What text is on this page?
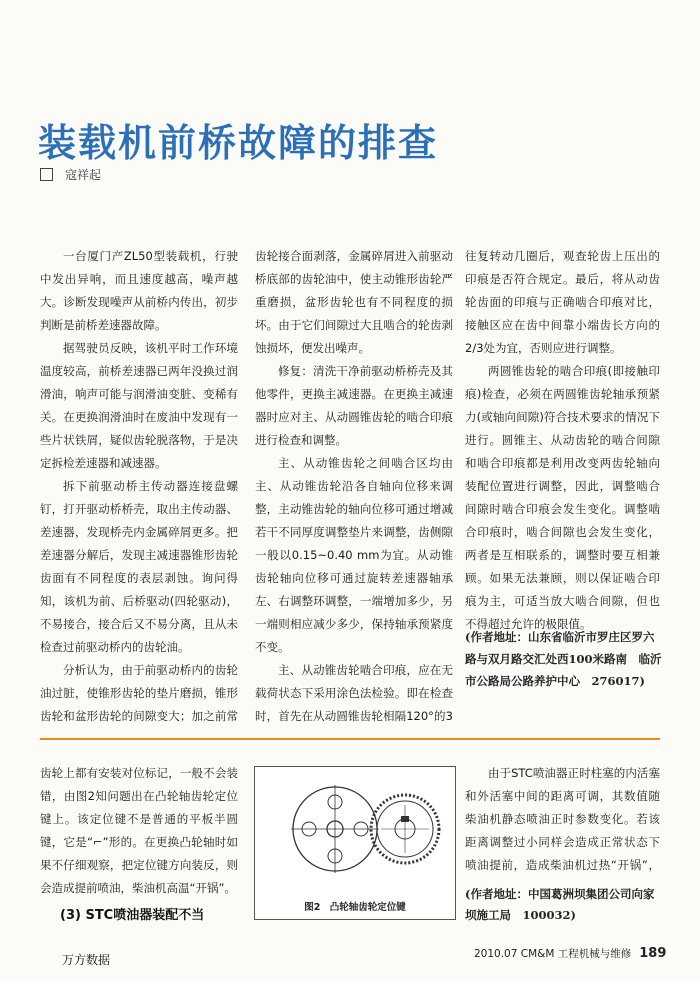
装载机前桥故障的排查
寇祥起

一台厦门产ZL50型装载机，行驶中发出异响，而且速度越高，噪声越大。诊断发现噪声从前桥内传出，初步判断是前桥差速器故障。

据驾驶员反映，该机平时工作环境温度较高，前桥差速器已两年没换过润滑油，响声可能与润滑油变脏、变稀有关。在更换润滑油时在废油中发现有一些片状铁屑，疑似齿轮脱落物，于是决定拆检差速器和减速器。

拆下前驱动桥主传动器连接盘螺钉，打开驱动桥桥壳，取出主传动器、差速器，发现桥壳内金属碎屑更多。把差速器分解后，发现主减速器锥形齿轮齿面有不同程度的表层剥蚀。询问得知，该机为前、后桥驱动(四轮驱动)，不易接合，接合后又不易分离，且从未检查过前驱动桥内的齿轮油。

分析认为，由于前驱动桥内的齿轮油过脏，使锥形齿轮的垫片磨损，锥形齿轮和盆形齿轮的间隙变大；加之前常

齿轮接合面剥落，金属碎屑进入前驱动桥底部的齿轮油中，使主动锥形齿轮严重磨损，盆形齿轮也有不同程度的损坏。由于它们间隙过大且啮合的轮齿剥蚀损坏，便发出噪声。

修复：清洗干净前驱动桥桥壳及其他零件，更换主减速器。在更换主减速器时应对主、从动圆锥齿轮的啮合印痕进行检查和调整。

主、从动锥齿轮之间啮合区均由主、从动锥齿轮沿各自轴向位移来调整，主动锥齿轮的轴向位移可通过增减若干不同厚度调整垫片来调整，齿侧隙一般以0.15~0.40 mm为宜。从动锥齿轮轴向位移可通过旋转差速器轴承左、右调整环调整，一端增加多少，另一端则相应减少多少，保持轴承预紧度不变。

主、从动锥齿轮啮合印痕，应在无载荷状态下采用涂色法检验。即在检查时，首先在从动圆锥齿轮相隔120°的3

往复转动几圈后，观查轮齿上压出的印痕是否符合规定。最后，将从动齿轮齿面的印痕与正确啮合印痕对比，接触区应在齿中间靠小端齿长方向的2/3处为宜，否则应进行调整。

两圆锥齿轮的啮合印痕(即接触印痕)检查，必须在两圆锥齿轮轴承预紧力(或轴向间隙)符合技术要求的情况下进行。圆锥主、从动齿轮的啮合间隙和啮合印痕都是利用改变两齿轮轴向装配位置进行调整，因此，调整啮合间隙时啮合印痕会发生变化。调整啮合印痕时，啮合间隙也会发生变化，两者是互相联系的，调整时要互相兼顾。如果无法兼顾，则以保证啮合印痕为主，可适当放大啮合间隙，但也不得超过允许的极限值。

(作者地址：山东省临沂市罗庄区罗六路与双月路交汇处西100米路南　临沂市公路局公路养护中心　276017)

齿轮上都有安装对位标记，一般不会装错，由图2知问题出在凸轮轴齿轮定位键上。该定位键不是普通的平板半圆键，它是“⌐”形的。在更换凸轮轴时如果不仔细观察，把定位键方向装反，则会造成提前喷油，柴油机高温“开锅”。

(3) STC喷油器装配不当
图2　凸轮轴齿轮定位键

由于STC喷油器正时柱塞的内活塞和外活塞中间的距离可调，其数值随柴油机静态喷油正时参数变化。若该距离调整过小同样会造成正常状态下喷油提前，造成柴油机过热“开锅”，

(作者地址：中国葛洲坝集团公司向家坝施工局　100032)
2010.07 CM&M 工程机械与维修 189
万方数据
